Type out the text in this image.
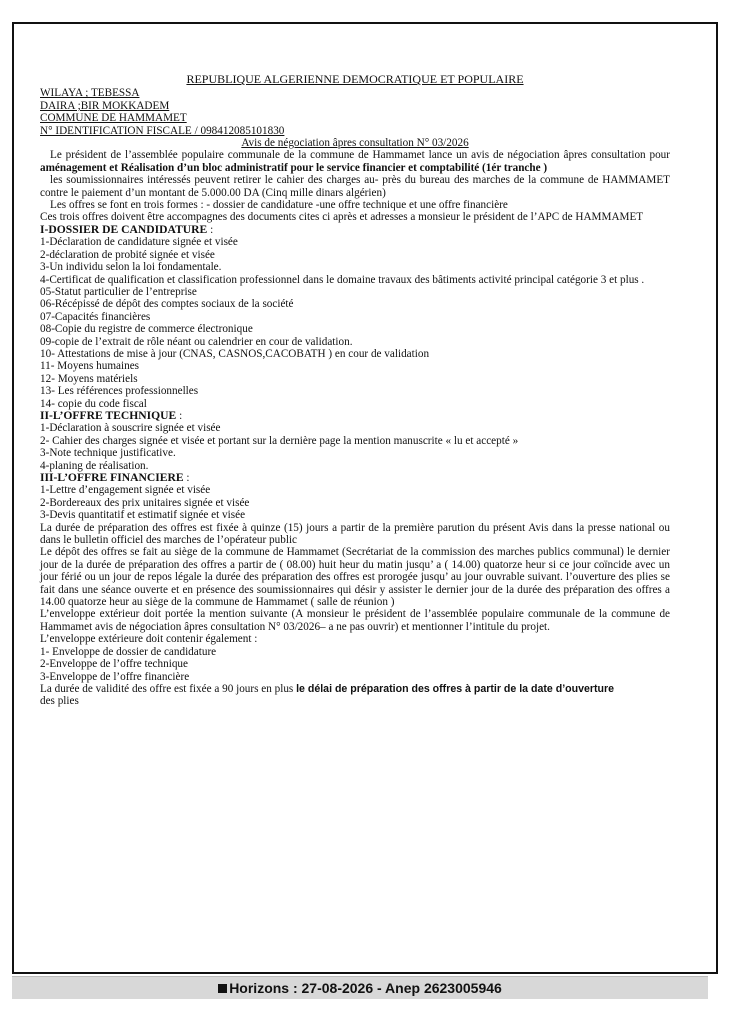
REPUBLIQUE ALGERIENNE DEMOCRATIQUE ET POPULAIRE
WILAYA ; TEBESSA
DAIRA ;BIR MOKKADEM
COMMUNE DE HAMMAMET
N° IDENTIFICATION FISCALE / 098412085101830
Avis de négociation âpres consultation N° 03/2026

Le président de l’assemblée populaire communale de la commune de Hammamet lance un avis de négociation âpres consultation pour aménagement et Réalisation d’un bloc administratif pour le service financier et comptabilité (1ér tranche )

les soumissionnaires intéressés peuvent retirer le cahier des charges au- près du bureau des marches de la commune de HAMMAMET contre le paiement d’un montant de 5.000.00 DA (Cinq mille dinars algérien)

Les offres se font en trois formes : - dossier de candidature -une offre technique et une offre financière

Ces trois offres doivent être accompagnes des documents cites ci après et adresses a monsieur le président de l’APC de HAMMAMET

I-DOSSIER DE CANDIDATURE :
1-Déclaration de candidature signée et visée
2-déclaration de probité signée et visée
3-Un individu selon la loi fondamentale.
4-Certificat de qualification et classification professionnel dans le domaine travaux des bâtiments activité principal catégorie 3 et plus .
05-Statut particulier de l’entreprise
06-Récépissé de dépôt des comptes sociaux de la société
07-Capacités financières
08-Copie du registre de commerce électronique
09-copie de l’extrait de rôle néant ou calendrier en cour de validation.
10- Attestations de mise à jour (CNAS, CASNOS,CACOBATH ) en cour de validation
11- Moyens humaines
12- Moyens matériels
13- Les références professionnelles
14- copie du code fiscal
II-L’OFFRE TECHNIQUE :
1-Déclaration à souscrire signée et visée
2- Cahier des charges signée et visée et portant sur la dernière page la mention manuscrite « lu et accepté »
3-Note technique justificative.
4-planing de réalisation.
III-L’OFFRE FINANCIERE :
1-Lettre d’engagement signée et visée
2-Bordereaux des prix unitaires signée et visée
3-Devis quantitatif et estimatif signée et visée

La durée de préparation des offres est fixée à quinze (15) jours a partir de la première parution du présent Avis dans la presse national ou dans le bulletin officiel des marches de l’opérateur public

Le dépôt des offres se fait au siège de la commune de Hammamet (Secrétariat de la commission des marches publics communal) le dernier jour de la durée de préparation des offres a partir de ( 08.00) huit heur du matin jusqu’ a ( 14.00) quatorze heur si ce jour coïncide avec un jour férié ou un jour de repos légale la durée des préparation des offres est prorogée jusqu’ au jour ouvrable suivant. l’ouverture des plies se fait dans une séance ouverte et en présence des soumissionnaires qui désir y assister le dernier jour de la durée des préparation des offres a 14.00 quatorze heur au siège de la commune de Hammamet ( salle de réunion )

L’enveloppe extérieur doit portée la mention suivante (A monsieur le président de l’assemblée populaire communale de la commune de Hammamet avis de négociation âpres consultation N° 03/2026– a ne pas ouvrir) et mentionner l’intitule du projet.

L’enveloppe extérieure doit contenir également :

1- Enveloppe de dossier de candidature
2-Enveloppe de l’offre technique
3-Enveloppe de l’offre financière

La durée de validité des offre est fixée a 90 jours en plus le délai de préparation des offres à partir de la date d’ouverture
des plies

Horizons : 27-08-2026 - Anep 2623005946
